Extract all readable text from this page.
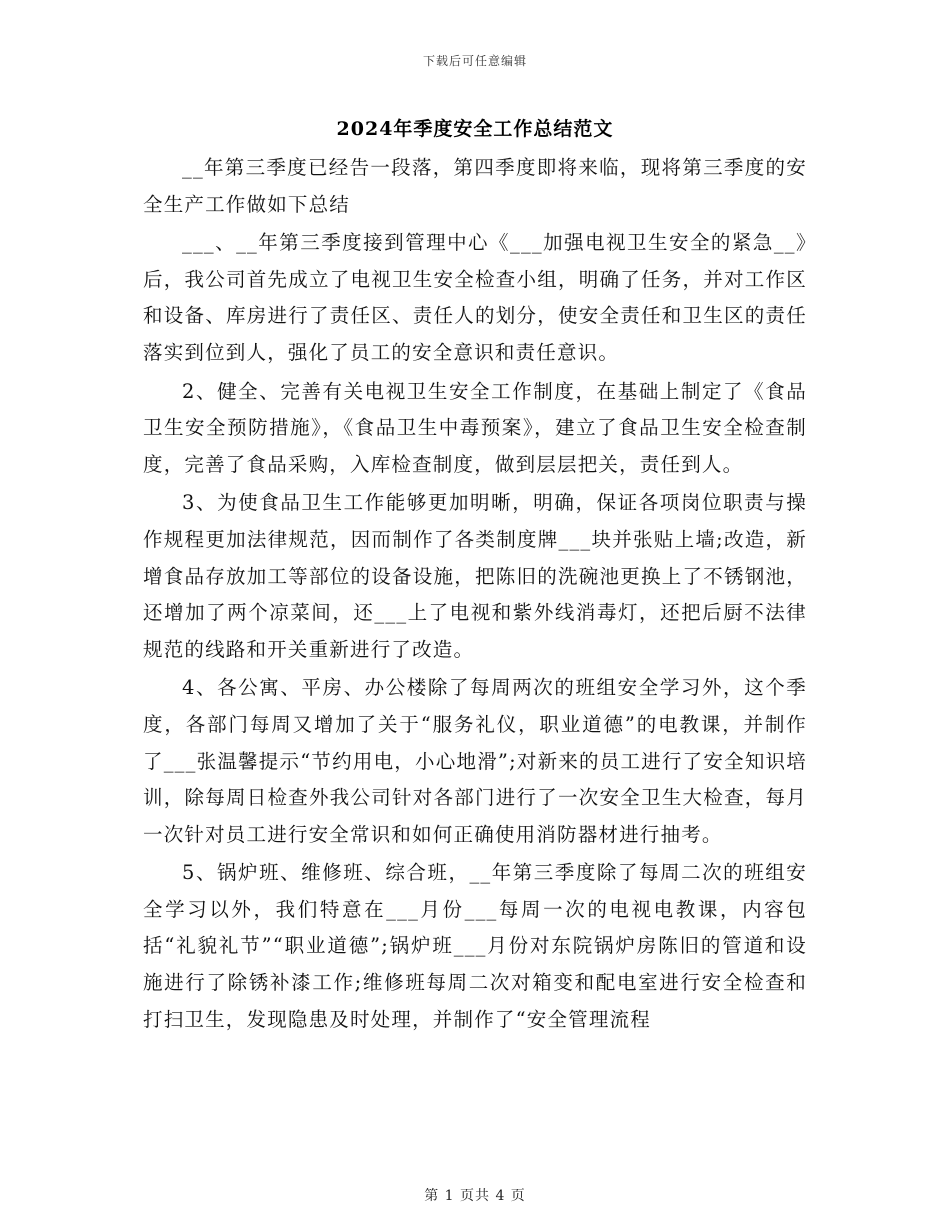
下载后可任意编辑
2024年季度安全工作总结范文

__年第三季度已经告一段落，第四季度即将来临，现将第三季度的安全生产工作做如下总结

___、__年第三季度接到管理中心《___加强电视卫生安全的紧急__》后，我公司首先成立了电视卫生安全检查小组，明确了任务，并对工作区和设备、库房进行了责任区、责任人的划分，使安全责任和卫生区的责任落实到位到人，强化了员工的安全意识和责任意识。

2、健全、完善有关电视卫生安全工作制度，在基础上制定了《食品卫生安全预防措施》，《食品卫生中毒预案》，建立了食品卫生安全检查制度，完善了食品采购，入库检查制度，做到层层把关，责任到人。

3、为使食品卫生工作能够更加明晰，明确，保证各项岗位职责与操作规程更加法律规范，因而制作了各类制度牌___块并张贴上墙;改造，新增食品存放加工等部位的设备设施，把陈旧的洗碗池更换上了不锈钢池，还增加了两个凉菜间，还___上了电视和紫外线消毒灯，还把后厨不法律规范的线路和开关重新进行了改造。

4、各公寓、平房、办公楼除了每周两次的班组安全学习外，这个季度，各部门每周又增加了关于“服务礼仪，职业道德”的电教课，并制作了___张温馨提示“节约用电，小心地滑”;对新来的员工进行了安全知识培训，除每周日检查外我公司针对各部门进行了一次安全卫生大检查，每月一次针对员工进行安全常识和如何正确使用消防器材进行抽考。

5、锅炉班、维修班、综合班，__年第三季度除了每周二次的班组安全学习以外，我们特意在___月份___每周一次的电视电教课，内容包括“礼貌礼节”“职业道德”;锅炉班___月份对东院锅炉房陈旧的管道和设施进行了除锈补漆工作;维修班每周二次对箱变和配电室进行安全检查和打扫卫生，发现隐患及时处理，并制作了“安全管理流程

第 1 页共 4 页
